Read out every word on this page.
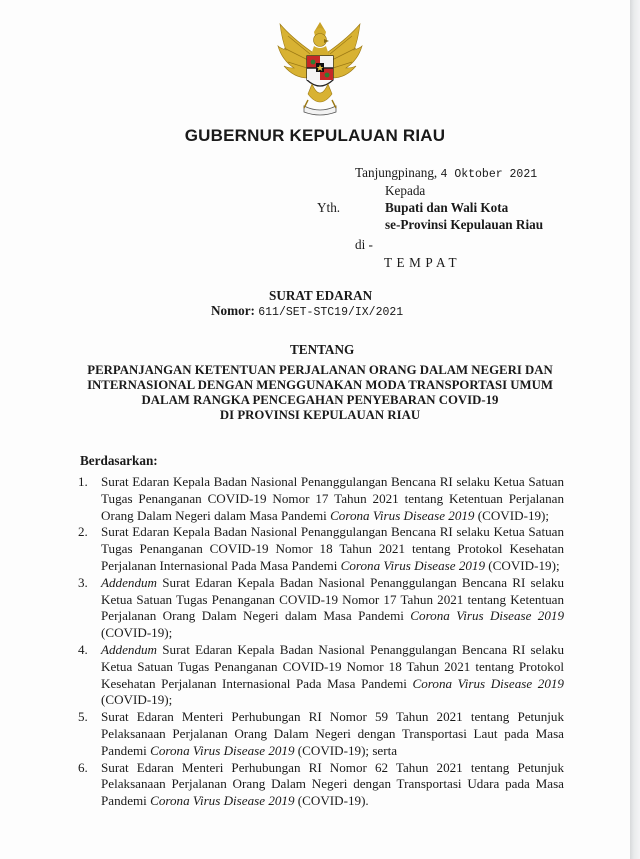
GUBERNUR KEPULAUAN RIAU
Tanjungpinang, 4 Oktober 2021
Kepada
Yth.	Bupati dan Wali Kota
se-Provinsi Kepulauan Riau
di -
TEMPAT
SURAT EDARAN
Nomor: 611/SET-STC19/IX/2021
TENTANG
PERPANJANGAN KETENTUAN PERJALANAN ORANG DALAM NEGERI DAN
INTERNASIONAL DENGAN MENGGUNAKAN MODA TRANSPORTASI UMUM
DALAM RANGKA PENCEGAHAN PENYEBARAN COVID-19
DI PROVINSI KEPULAUAN RIAU
Berdasarkan:
1. Surat Edaran Kepala Badan Nasional Penanggulangan Bencana RI selaku Ketua Satuan Tugas Penanganan COVID-19 Nomor 17 Tahun 2021 tentang Ketentuan Perjalanan Orang Dalam Negeri dalam Masa Pandemi Corona Virus Disease 2019 (COVID-19);
2. Surat Edaran Kepala Badan Nasional Penanggulangan Bencana RI selaku Ketua Satuan Tugas Penanganan COVID-19 Nomor 18 Tahun 2021 tentang Protokol Kesehatan Perjalanan Internasional Pada Masa Pandemi Corona Virus Disease 2019 (COVID-19);
3. Addendum Surat Edaran Kepala Badan Nasional Penanggulangan Bencana RI selaku Ketua Satuan Tugas Penanganan COVID-19 Nomor 17 Tahun 2021 tentang Ketentuan Perjalanan Orang Dalam Negeri dalam Masa Pandemi Corona Virus Disease 2019 (COVID-19);
4. Addendum Surat Edaran Kepala Badan Nasional Penanggulangan Bencana RI selaku Ketua Satuan Tugas Penanganan COVID-19 Nomor 18 Tahun 2021 tentang Protokol Kesehatan Perjalanan Internasional Pada Masa Pandemi Corona Virus Disease 2019 (COVID-19);
5. Surat Edaran Menteri Perhubungan RI Nomor 59 Tahun 2021 tentang Petunjuk Pelaksanaan Perjalanan Orang Dalam Negeri dengan Transportasi Laut pada Masa Pandemi Corona Virus Disease 2019 (COVID-19); serta
6. Surat Edaran Menteri Perhubungan RI Nomor 62 Tahun 2021 tentang Petunjuk Pelaksanaan Perjalanan Orang Dalam Negeri dengan Transportasi Udara pada Masa Pandemi Corona Virus Disease 2019 (COVID-19).
